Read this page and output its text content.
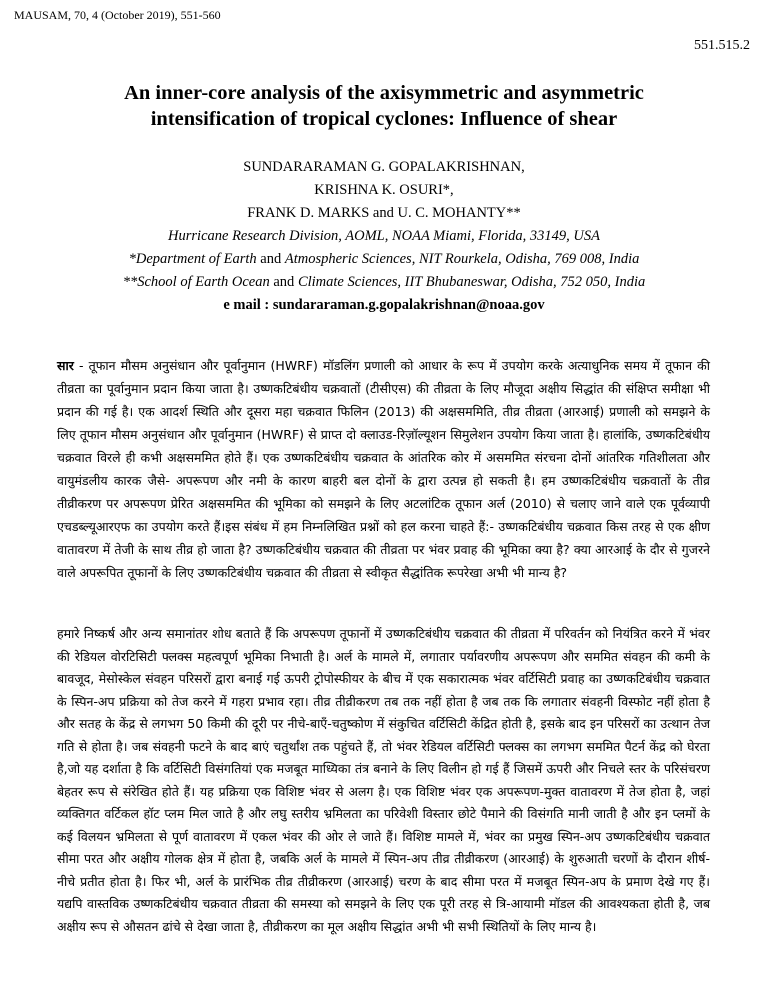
MAUSAM, 70, 4 (October 2019), 551-560
551.515.2
An inner-core analysis of the axisymmetric and asymmetric intensification of tropical cyclones: Influence of shear
SUNDARARAMAN G. GOPALAKRISHNAN,
KRISHNA K. OSURI*,
FRANK D. MARKS and U. C. MOHANTY**
Hurricane Research Division, AOML, NOAA Miami, Florida, 33149, USA
*Department of Earth and Atmospheric Sciences, NIT Rourkela, Odisha, 769 008, India
**School of Earth Ocean and Climate Sciences, IIT Bhubaneswar, Odisha, 752 050, India
e mail : sundararaman.g.gopalakrishnan@noaa.gov

सार - तूफान मौसम अनुसंधान और पूर्वानुमान (HWRF) मॉडलिंग प्रणाली को आधार के रूप में उपयोग करके अत्याधुनिक समय में तूफान की तीव्रता का पूर्वानुमान प्रदान किया जाता है। उष्णकटिबंधीय चक्रवातों (टीसीएस) की तीव्रता के लिए मौजूदा अक्षीय सिद्धांत की संक्षिप्त समीक्षा भी प्रदान की गई है। एक आदर्श स्थिति और दूसरा महा चक्रवात फिलिन (2013) की अक्षसममिति, तीव्र तीव्रता (आरआई) प्रणाली को समझने के लिए तूफान मौसम अनुसंधान और पूर्वानुमान (HWRF) से प्राप्त दो क्लाउड-रिज़ॉल्यूशन सिमुलेशन उपयोग किया जाता है। हालांकि, उष्णकटिबंधीय चक्रवात विरले ही कभी अक्षसममित होते हैं। एक उष्णकटिबंधीय चक्रवात के आंतरिक कोर में असममित संरचना दोनों आंतरिक गतिशीलता और वायुमंडलीय कारक जैसे- अपरूपण और नमी के कारण बाहरी बल दोनों के द्वारा उत्पन्न हो सकती है। हम उष्णकटिबंधीय चक्रवातों के तीव्र तीव्रीकरण पर अपरूपण प्रेरित अक्षसममित की भूमिका को समझने के लिए अटलांटिक तूफान अर्ल (2010) से चलाए जाने वाले एक पूर्वव्यापी एचडब्ल्यूआरएफ का उपयोग करते हैं।इस संबंध में हम निम्नलिखित प्रश्नों को हल करना चाहते हैं:- उष्णकटिबंधीय चक्रवात किस तरह से एक क्षीण वातावरण में तेजी के साथ तीव्र हो जाता है? उष्णकटिबंधीय चक्रवात की तीव्रता पर भंवर प्रवाह की भूमिका क्या है? क्या आरआई के दौर से गुजरने वाले अपरूपित तूफानों के लिए उष्णकटिबंधीय चक्रवात की तीव्रता से स्वीकृत सैद्धांतिक रूपरेखा अभी भी मान्य है?

हमारे निष्कर्ष और अन्य समानांतर शोध बताते हैं कि अपरूपण तूफानों में उष्णकटिबंधीय चक्रवात की तीव्रता में परिवर्तन को नियंत्रित करने में भंवर की रेडियल वोरटिसिटी फ्लक्स महत्वपूर्ण भूमिका निभाती है। अर्ल के मामले में, लगातार पर्यावरणीय अपरूपण और सममित संवहन की कमी के बावजूद, मेसोस्केल संवहन परिसरों द्वारा बनाई गई ऊपरी ट्रोपोस्फीयर के बीच में एक सकारात्मक भंवर वर्टिसिटी प्रवाह का उष्णकटिबंधीय चक्रवात के स्पिन-अप प्रक्रिया को तेज करने में गहरा प्रभाव रहा। तीव्र तीव्रीकरण तब तक नहीं होता है जब तक कि लगातार संवहनी विस्फोट नहीं होता है और सतह के केंद्र से लगभग 50 किमी की दूरी पर नीचे-बाएँ-चतुष्कोण में संकुचित वर्टिसिटी केंद्रित होती है, इसके बाद इन परिसरों का उत्थान तेज गति से होता है। जब संवहनी फटने के बाद बाएं चतुर्थांश तक पहुंचते हैं, तो भंवर रेडियल वर्टिसिटी फ्लक्स का लगभग सममित पैटर्न केंद्र को घेरता है,जो यह दर्शाता है कि वर्टिसिटी विसंगतियां एक मजबूत माध्यिका तंत्र बनाने के लिए विलीन हो गई हैं जिसमें ऊपरी और निचले स्तर के परिसंचरण बेहतर रूप से संरेखित होते हैं। यह प्रक्रिया एक विशिष्ट भंवर से अलग है। एक विशिष्ट भंवर एक अपरूपण-मुक्त वातावरण में तेज होता है, जहां व्यक्तिगत वर्टिकल हॉट प्लम मिल जाते है और लघु स्तरीय भ्रमिलता का परिवेशी विस्तार छोटे पैमाने की विसंगति मानी जाती है और इन प्लमों के कई विलयन भ्रमिलता से पूर्ण वातावरण में एकल भंवर की ओर ले जाते हैं। विशिष्ट मामले में, भंवर का प्रमुख स्पिन-अप उष्णकटिबंधीय चक्रवात सीमा परत और अक्षीय गोलक क्षेत्र में होता है, जबकि अर्ल के मामले में स्पिन-अप तीव्र तीव्रीकरण (आरआई) के शुरुआती चरणों के दौरान शीर्ष-नीचे प्रतीत होता है। फिर भी, अर्ल के प्रारंभिक तीव्र तीव्रीकरण (आरआई) चरण के बाद सीमा परत में मजबूत स्पिन-अप के प्रमाण देखे गए हैं। यद्यपि वास्तविक उष्णकटिबंधीय चक्रवात तीव्रता की समस्या को समझने के लिए एक पूरी तरह से त्रि-आयामी मॉडल की आवश्यकता होती है, जब अक्षीय रूप से औसतन ढांचे से देखा जाता है, तीव्रीकरण का मूल अक्षीय सिद्धांत अभी भी सभी स्थितियों के लिए मान्य है।
